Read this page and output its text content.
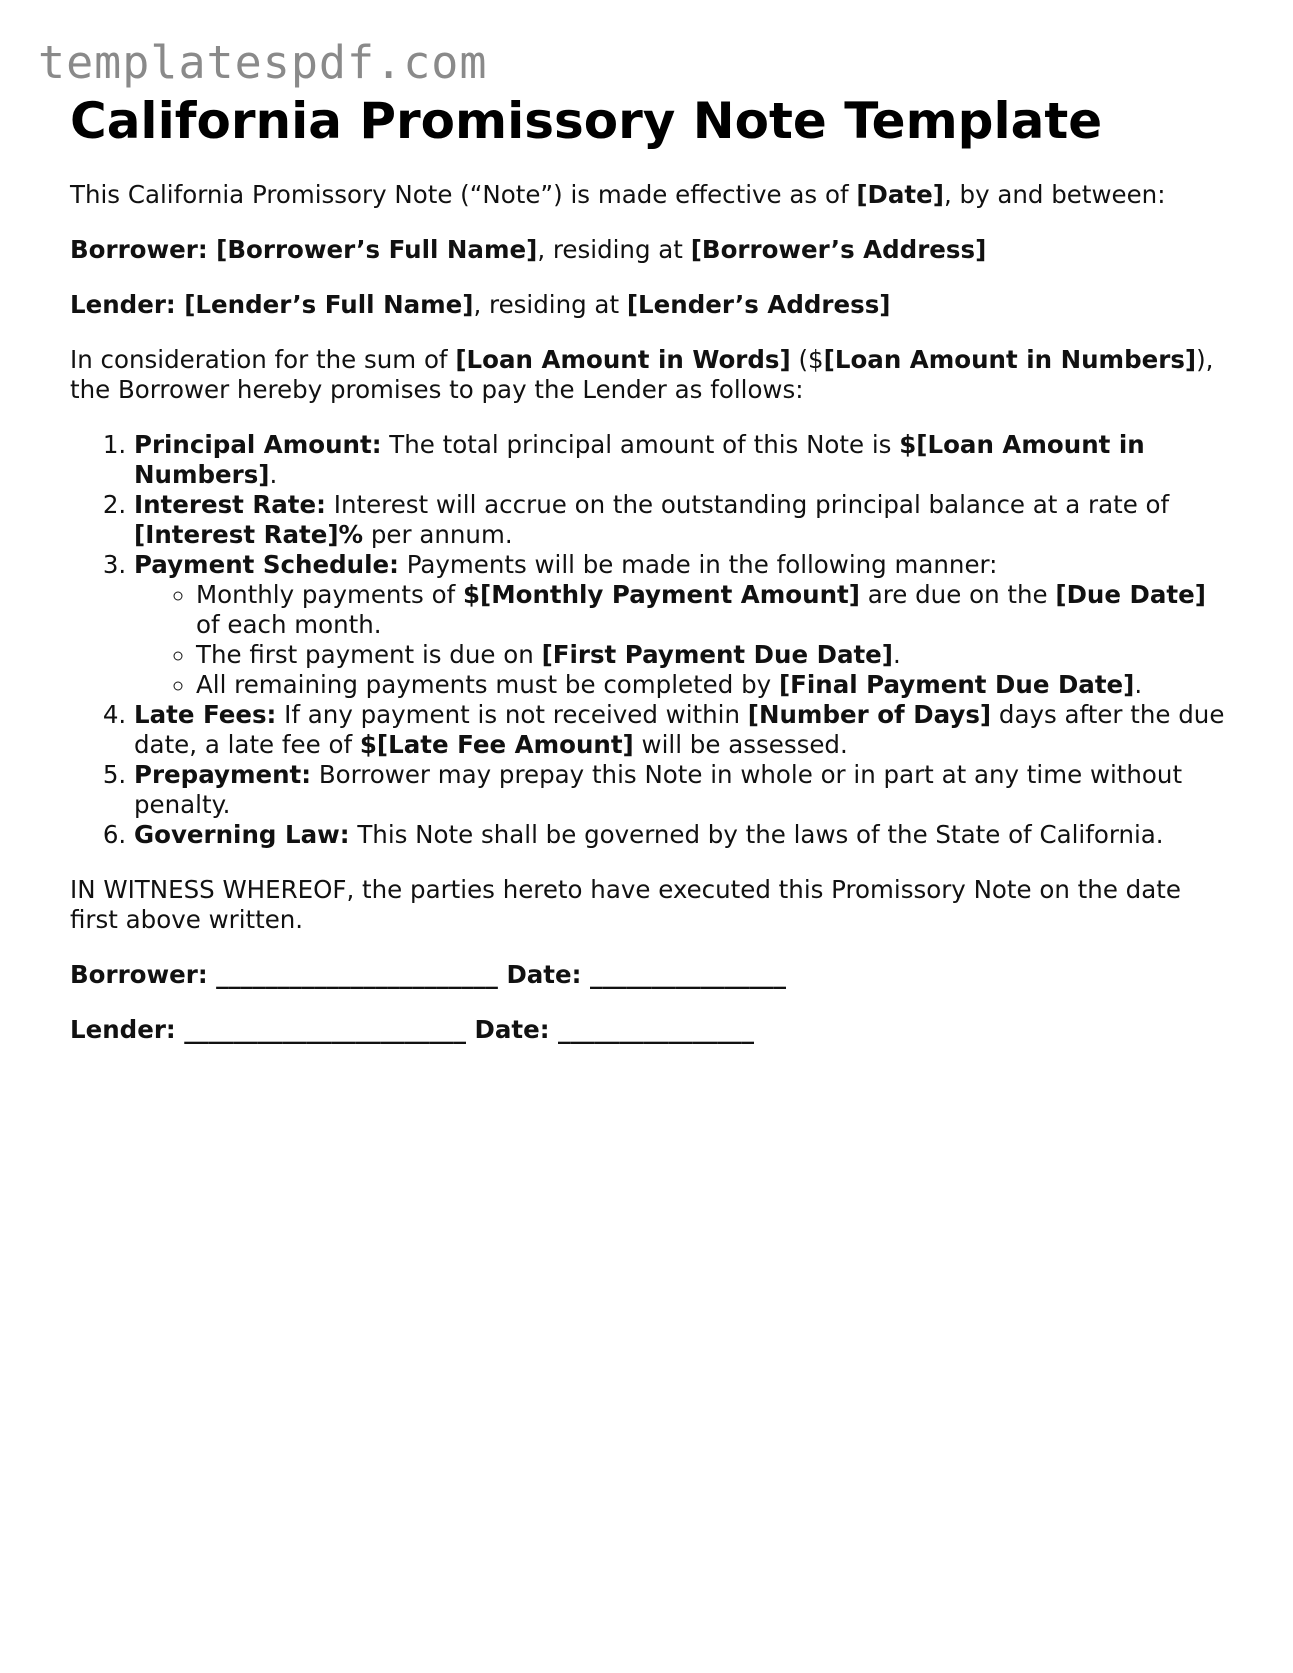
templatespdf.com
California Promissory Note Template

This California Promissory Note (“Note”) is made effective as of [Date], by and between:

Borrower: [Borrower’s Full Name], residing at [Borrower’s Address]

Lender: [Lender’s Full Name], residing at [Lender’s Address]

In consideration for the sum of [Loan Amount in Words] ($[Loan Amount in Numbers]), the Borrower hereby promises to pay the Lender as follows:

1. Principal Amount: The total principal amount of this Note is $[Loan Amount in Numbers].
2. Interest Rate: Interest will accrue on the outstanding principal balance at a rate of [Interest Rate]% per annum.
3. Payment Schedule: Payments will be made in the following manner:
◦ Monthly payments of $[Monthly Payment Amount] are due on the [Due Date] of each month.
◦ The first payment is due on [First Payment Due Date].
◦ All remaining payments must be completed by [Final Payment Due Date].
4. Late Fees: If any payment is not received within [Number of Days] days after the due date, a late fee of $[Late Fee Amount] will be assessed.
5. Prepayment: Borrower may prepay this Note in whole or in part at any time without penalty.
6. Governing Law: This Note shall be governed by the laws of the State of California.

IN WITNESS WHEREOF, the parties hereto have executed this Promissory Note on the date first above written.

Borrower: _______________________ Date: ________________

Lender: _______________________ Date: ________________
